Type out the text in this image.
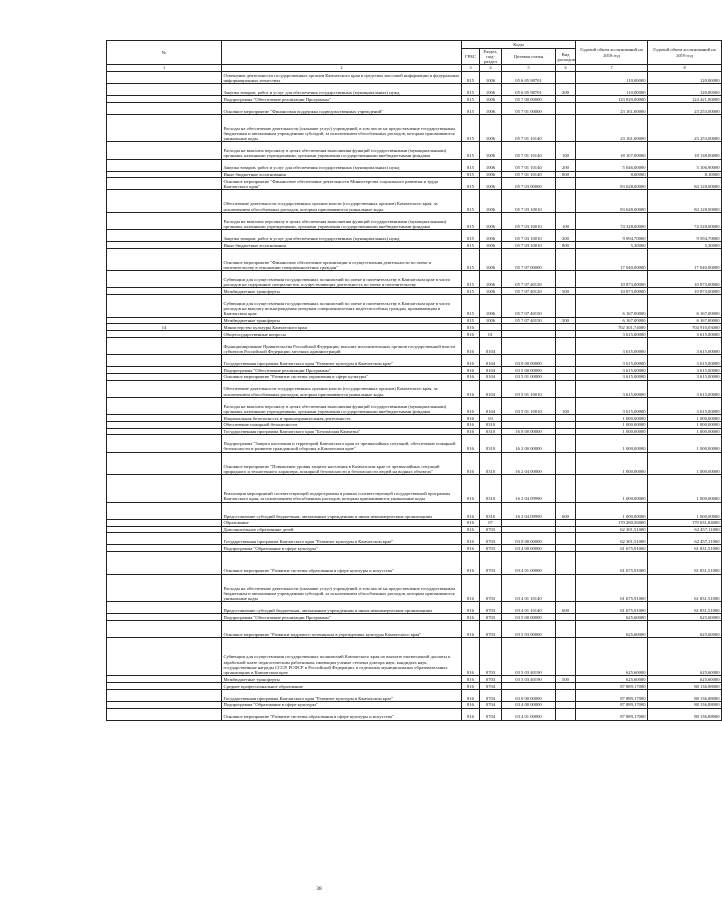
№		Коды				Годовой объем ассигнований на 2018 год	Годовой объем ассигнований на 2019 год
		ГРБС	Раздел, под-раздел	Целевая статья	Вид расходов		
1	2	3	4	5	6	7	8
	Освещение деятельности государственных органов Камчатского края в средствах массовой информации и федеральных информационных агентствах	815	1006	05 6 05 98701		110,00000	120,00000
	Закупка товаров, работ и услуг для обеспечения государственных (муниципальных) нужд	815	1006	05 6 05 98701	200	110,00000	120,00000
	Подпрограмма "Обеспечение реализации Программы"	815	1006	05 7 00 00000		123 829,00000	124 421,00000
	Основное мероприятие "Финансовая поддержка подведомственных учреждений"	815	1006	05 7 01 00000		23 161,00000	23 253,00000
	Расходы на обеспечение деятельности (оказание услуг) учреждений, в том числе на предоставление государственным бюджетным и автономным учреждениям субсидий, за исключением обособленных расходов, которым присваиваются уникальные коды	815	1006	05 7 01 10140		23 161,00000	23 253,00000
	Расходы на выплаты персоналу в целях обеспечения выполнения функций государственными (муниципальными) органами, казенными учреждениями, органами управления государственными внебюджетными фондами	815	1006	05 7 01 10140	100	18 107,00000	18 138,00000
	Закупка товаров, работ и услуг для обеспечения государственных (муниципальных) нужд	815	1006	05 7 01 10140	200	5 046,00000	5 106,90000
	Иные бюджетные ассигнования	815	1006	05 7 01 10140	800	8,00000	8,10000
	Основное мероприятие "Финансовое обеспечение деятельности Министерства социального развития и труда Камчатского края"	815	1006	05 7 03 00000		83 628,00000	84 128,00000
	Обеспечение деятельности государственных органов власти (государственных органов) Камчатского края, за исключением обособленных расходов, которым присваиваются уникальные коды.	815	1006	05 7 03 10010		83 628,00000	84 128,00000
	Расходы на выплаты персоналу в целях обеспечения выполнения функций государственными (муниципальными) органами, казенными учреждениями, органами управления государственными внебюджетными фондами	815	1006	05 7 03 10010	100	74 328,00000	74 528,00000
	Закупка товаров, работ и услуг для обеспечения государственных (муниципальных) нужд	815	1006	05 7 03 10010	200	9 094,70000	9 594,70000
	Иные бюджетные ассигнования	815	1006	05 7 03 10010	800	5,30000	5,30000
	Основное мероприятие "Финансовое обеспечение организации и осуществления деятельности по опеке и попечительству в отношении совершеннолетних граждан"	815	1006	05 7 07 00000		17 040,00000	17 040,00000
	Субвенции для осуществления государственных полномочий по опеке и попечительству в Камчатском крае в части расходов на содержание специалистов, осуществляющих деятельность по опеке и попечительству	815	1006	05 7 07 40120		10 873,00000	10 873,00000
	Межбюджетные трансферты	815	1006	05 7 07 40120	500	10 873,00000	10 873,00000
	Субвенции для осуществления государственных полномочий по опеке и попечительству в Камчатском крае в части расходов на выплату вознаграждения опекунам совершеннолетних недееспособных граждан, проживающим в Камчатском крае	815	1006	05 7 07 40150		6 167,00000	6 167,00000
	Межбюджетные трансферты	815	1006	05 7 07 40150	500	6 167,00000	6 167,00000
14	Министерство культуры Камчатского края	816				702 301,74000	704 910,03000
	Общегосударственные вопросы	816	01			3 615,00000	3 615,00000
	Функционирование Правительства Российской Федерации, высших исполнительных органов государственной власти субъектов Российской Федерации, местных администраций	816	0104			3 615,00000	3 615,00000
	Государственная программа Камчатского края "Развитие культуры в Камчатском крае"	816	0104	03 0 00 00000		3 615,00000	3 615,00000
	Подпрограмма "Обеспечение реализации Программы"	816	0104	03 5 00 00000		3 615,00000	3 615,00000
	Основное мероприятие "Развитие системы управления в сфере культуры"	816	0104	03 5 01 00000		3 615,00000	3 615,00000
	Обеспечение деятельности государственных органов власти (государственных органов) Камчатского края, за исключением обособленных расходов, которым присваиваются уникальные коды.	816	0104	03 5 01 10010		3 615,00000	3 615,00000
	Расходы на выплаты персоналу в целях обеспечения выполнения функций государственными (муниципальными) органами, казенными учреждениями, органами управления государственными внебюджетными фондами	816	0104	03 5 01 10010	100	3 615,00000	3 615,00000
	Национальная безопасность и правоохранительная деятельность	816	03			1 000,00000	1 000,00000
	Обеспечение пожарной безопасности	816	0310			1 000,00000	1 000,00000
	Государственная программа Камчатского края "Безопасная Камчатка"	816	0310	16 0 00 00000		1 000,00000	1 000,00000
	Подпрограмма "Защита населения и территорий Камчатского края от чрезвычайных ситуаций, обеспечение пожарной безопасности и развитие гражданской обороны в Камчатском крае"	816	0310	16 2 00 00000		1 000,00000	1 000,00000
	Основное мероприятие "Повышение уровня защиты населения в Камчатском крае от чрезвычайных ситуаций природного и техногенного характера, пожарной безопасности и безопасности людей на водных объектах"	816	0310	16 2 04 00000		1 000,00000	1 000,00000
	Реализация мероприятий соответствующей подпрограммы в рамках соответствующей государственной программы Камчатского края, за исключением обособленных расходов, которым присваиваются уникальные коды	816	0310	16 2 04 09990		1 000,00000	1 000,00000
	Предоставление субсидий бюджетным, автономным учреждениям и иным некоммерческим организациям	816	0310	16 2 04 09990	600	1 000,00000	1 000,00000
	Образование	816	07			170 280,56000	170 631,84000
	Дополнительное образование детей	816	0703			62 301,51000	62 457,11000
	Государственная программа Камчатского края "Развитие культуры в Камчатском крае"	816	0703	03 0 00 00000		62 301,51000	62 457,11000
	Подпрограмма "Образование в сфере культуры"	816	0703	03 4 00 00000		61 675,91000	61 831,51000
	Основное мероприятие "Развитие системы образования в сфере культуры и искусства"	816	0703	03 4 01 00000		61 675,91000	61 831,51000
	Расходы на обеспечение деятельности (оказание услуг) учреждений, в том числе на предоставление государственным бюджетным и автономным учреждениям субсидий, за исключением обособленных расходов, которым присваиваются уникальные коды	816	0703	03 4 01 10140		61 675,91000	61 831,51000
	Предоставление субсидий бюджетным, автономным учреждениям и иным некоммерческим организациям	816	0703	03 4 01 10140	600	61 675,91000	61 831,51000
	Подпрограмма "Обеспечение реализации Программы"	816	0703	03 5 00 00000		625,60000	625,60000
	Основное мероприятие "Развитие кадрового потенциала в учреждениях культуры Камчатского края"	816	0703	03 5 03 00000		625,60000	625,60000
	Субвенции для осуществления государственных полномочий Камчатского края по выплате ежемесячной доплаты к заработной плате педагогическим работникам, имеющим ученые степени доктора наук, кандидата наук, государственные награды СССР, РСФСР и Российской Федерации, в отдельных муниципальных образовательных организациях в Камчатском крае	816	0703	03 5 03 40190		625,60000	625,60000
	Межбюджетные трансферты	816	0703	03 5 03 40190	500	625,60000	625,60000
	Среднее профессиональное образование	816	0704			87 889,17000	88 136,88000
	Государственная программа Камчатского края "Развитие культуры в Камчатском крае"	816	0704	03 0 00 00000		87 889,17000	88 136,88000
	Подпрограмма "Образование в сфере культуры"	816	0704	03 4 00 00000		87 889,17000	88 136,88000
	Основное мероприятие "Развитие системы образования в сфере культуры и искусства"	816	0704	03 4 01 00000		87 889,17000	88 136,88000
38
